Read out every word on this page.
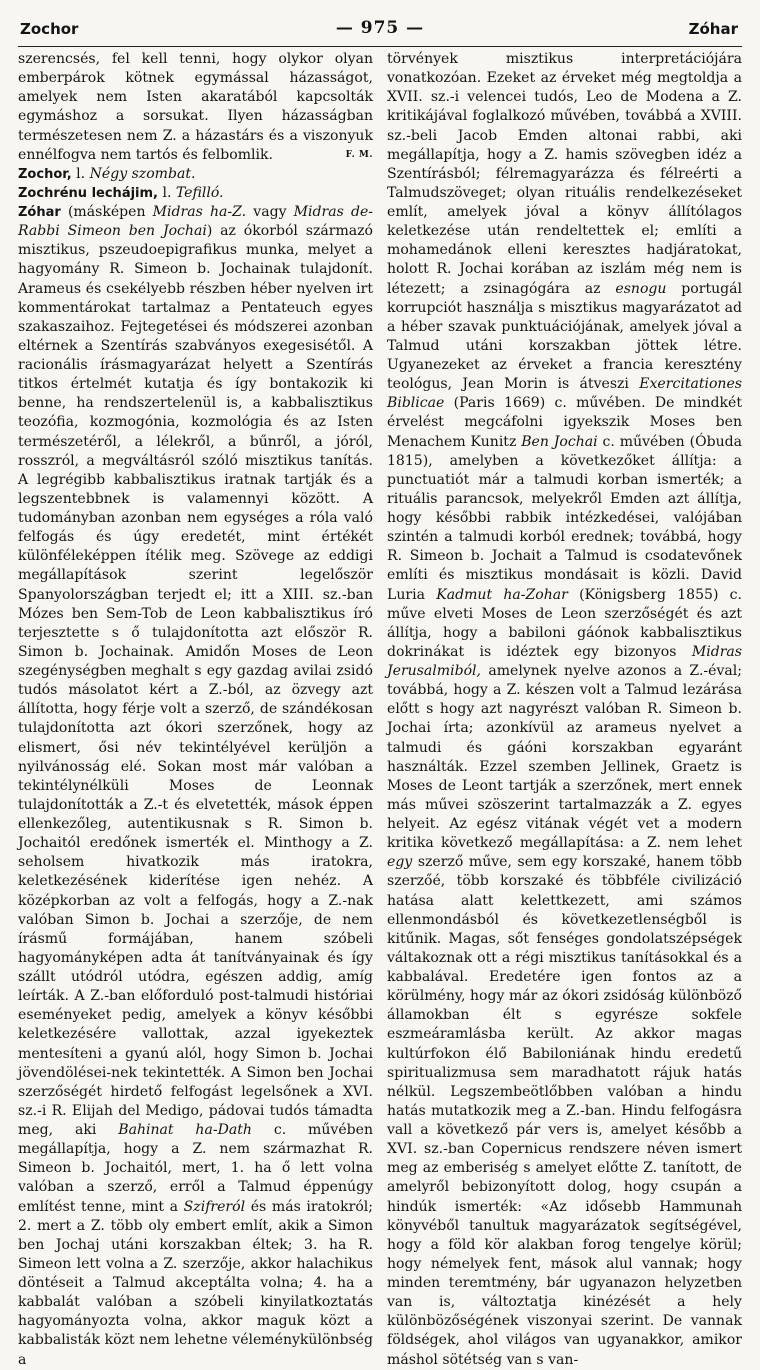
Zochor	— 975 —	Zóhar

szerencsés, fel kell tenni, hogy olykor olyan emberpárok kötnek egymással házasságot, amelyek nem Isten akaratából kapcsolták egymáshoz a sorsukat. Ilyen házasságban természetesen nem Z. a házastárs és a viszonyuk ennélfogva nem tartós és felbomlik.	F. M.

Zochor, l. Négy szombat.

Zochrénu lechájim, l. Tefilló.

Zóhar (másképen Midras ha-Z. vagy Midras de-Rabbi Simeon ben Jochai) az ókorból származó misztikus, pszeudoepigrafikus munka, melyet a hagyomány R. Simeon b. Jochainak tulajdonít. Arameus és csekélyebb részben héber nyelven irt kommentárokat tartalmaz a Pentateuch egyes szakaszaihoz. Fejtegetései és módszerei azonban eltérnek a Szentírás szabványos exegesisétől. A racionális írásmagyarázat helyett a Szentírás titkos értelmét kutatja és így bontakozik ki benne, ha rendszertelenül is, a kabbalisztikus teozófia, kozmogónia, kozmológia és az Isten természetéről, a lélekről, a bűnről, a jóról, rosszról, a megváltásról szóló misztikus tanítás. A legrégibb kabbalisztikus iratnak tartják és a legszentebbnek is valamennyi között. A tudományban azonban nem egységes a róla való felfogás és úgy eredetét, mint értékét különféleképpen ítélik meg. Szövege az eddigi megállapítások szerint legelőször Spanyolországban terjedt el; itt a XIII. sz.-ban Mózes ben Sem-Tob de Leon kabbalisztikus író terjesztette s ő tulajdonította azt először R. Simon b. Jochainak. Amidőn Moses de Leon szegénységben meghalt s egy gazdag avilai zsidó tudós másolatot kért a Z.-ból, az özvegy azt állította, hogy férje volt a szerző, de szándékosan tulajdonította azt ókori szerzőnek, hogy az elismert, ősi név tekintélyével kerüljön a nyilvánosság elé. Sokan most már valóban a tekintélynélküli Moses de Leonnak tulajdonították a Z.-t és elvetették, mások éppen ellenkezőleg, autentikusnak s R. Simon b. Jochaitól eredőnek ismerték el. Minthogy a Z. seholsem hivatkozik más iratokra, keletkezésének kiderítése igen nehéz. A középkorban az volt a felfogás, hogy a Z.-nak valóban Simon b. Jochai a szerzője, de nem írásmű formájában, hanem szóbeli hagyományképen adta át tanítványainak és így szállt utódról utódra, egészen addig, amíg leírták. A Z.-ban előforduló post-talmudi históriai eseményeket pedig, amelyek a könyv későbbi keletkezésére vallottak, azzal igyekeztek mentesíteni a gyanú alól, hogy Simon b. Jochai jövendölései-nek tekintették. A Simon ben Jochai szerzőségét hirdető felfogást legelsőnek a XVI. sz.-i R. Elijah del Medigo, pádovai tudós támadta meg, aki Bahinat ha-Dath c. művében megállapítja, hogy a Z. nem származhat R. Simeon b. Jochaitól, mert, 1. ha ő lett volna valóban a szerző, erről a Talmud éppenúgy említést tenne, mint a Szifreról és más iratokról; 2. mert a Z. több oly embert említ, akik a Simon ben Jochaj utáni korszakban éltek; 3. ha R. Simeon lett volna a Z. szerzője, akkor halachikus döntéseit a Talmud akceptálta volna; 4. ha a kabbalát valóban a szóbeli kinyilatkoztatás hagyományozta volna, akkor maguk közt a kabbalisták közt nem lehetne véleménykülönbség a

törvények misztikus interpretációjára vonatkozóan. Ezeket az érveket még megtoldja a XVII. sz.-i velencei tudós, Leo de Modena a Z. kritikájával foglalkozó művében, továbbá a XVIII. sz.-beli Jacob Emden altonai rabbi, aki megállapítja, hogy a Z. hamis szövegben idéz a Szentírásból; félremagyarázza és félreérti a Talmudszöveget; olyan rituális rendelkezéseket említ, amelyek jóval a könyv állítólagos keletkezése után rendeltettek el; említi a mohamedánok elleni keresztes hadjáratokat, holott R. Jochai korában az iszlám még nem is létezett; a zsinagógára az esnogu portugál korrupciót használja s misztikus magyarázatot ad a héber szavak punktuációjának, amelyek jóval a Talmud utáni korszakban jöttek létre. Ugyanezeket az érveket a francia keresztény teológus, Jean Morin is átveszi Exercitationes Biblicae (Paris 1669) c. művében. De mindkét érvelést megcáfolni igyekszik Moses ben Menachem Kunitz Ben Jochai c. művében (Óbuda 1815), amelyben a következőket állítja: a punctuatiót már a talmudi korban ismerték; a rituális parancsok, melyekről Emden azt állítja, hogy későbbi rabbik intézkedései, valójában szintén a talmudi korból erednek; továbbá, hogy R. Simeon b. Jochait a Talmud is csodatevőnek említi és misztikus mondásait is közli. David Luria Kadmut ha-Zohar (Königsberg 1855) c. műve elveti Moses de Leon szerzőségét és azt állítja, hogy a babiloni gáónok kabbalisztikus dokrinákat is idéztek egy bizonyos Midras Jerusalmiból, amelynek nyelve azonos a Z.-éval; továbbá, hogy a Z. készen volt a Talmud lezárása előtt s hogy azt nagyrészt valóban R. Simeon b. Jochai írta; azonkívül az arameus nyelvet a talmudi és gáóni korszakban egyaránt használták. Ezzel szemben Jellinek, Graetz is Moses de Leont tartják a szerzőnek, mert ennek más művei szöszerint tartalmazzák a Z. egyes helyeit. Az egész vitának végét vet a modern kritika következő megállapítása: a Z. nem lehet egy szerző műve, sem egy korszaké, hanem több szerzőé, több korszaké és többféle civilizáció hatása alatt kelettkezett, ami számos ellenmondásból és következetlenségből is kitűnik. Magas, sőt fenséges gondolatszépségek váltakoznak ott a régi misztikus tanításokkal és a kabbalával. Eredetére igen fontos az a körülmény, hogy már az ókori zsidóság különböző államokban élt s egyrésze sokfele eszmeáramlásba került. Az akkor magas kultúrfokon élő Babiloniának hindu eredetű spiritualizmusa sem maradhatott rájuk hatás nélkül. Legszembeötlőbben valóban a hindu hatás mutatkozik meg a Z.-ban. Hindu felfogásra vall a következő pár vers is, amelyet később a XVI. sz.-ban Copernicus rendszere néven ismert meg az emberiség s amelyet előtte Z. tanított, de amelyről bebizonyított dolog, hogy csupán a hindúk ismerték: «Az idősebb Hammunah könyvéből tanultuk magyarázatok segítségével, hogy a föld kör alakban forog tengelye körül; hogy némelyek fent, mások alul vannak; hogy minden teremtmény, bár ugyanazon helyzetben van is, változtatja kinézését a hely különbözőségének viszonyai szerint. De vannak földségek, ahol világos van ugyanakkor, amikor máshol sötétség van s van-
